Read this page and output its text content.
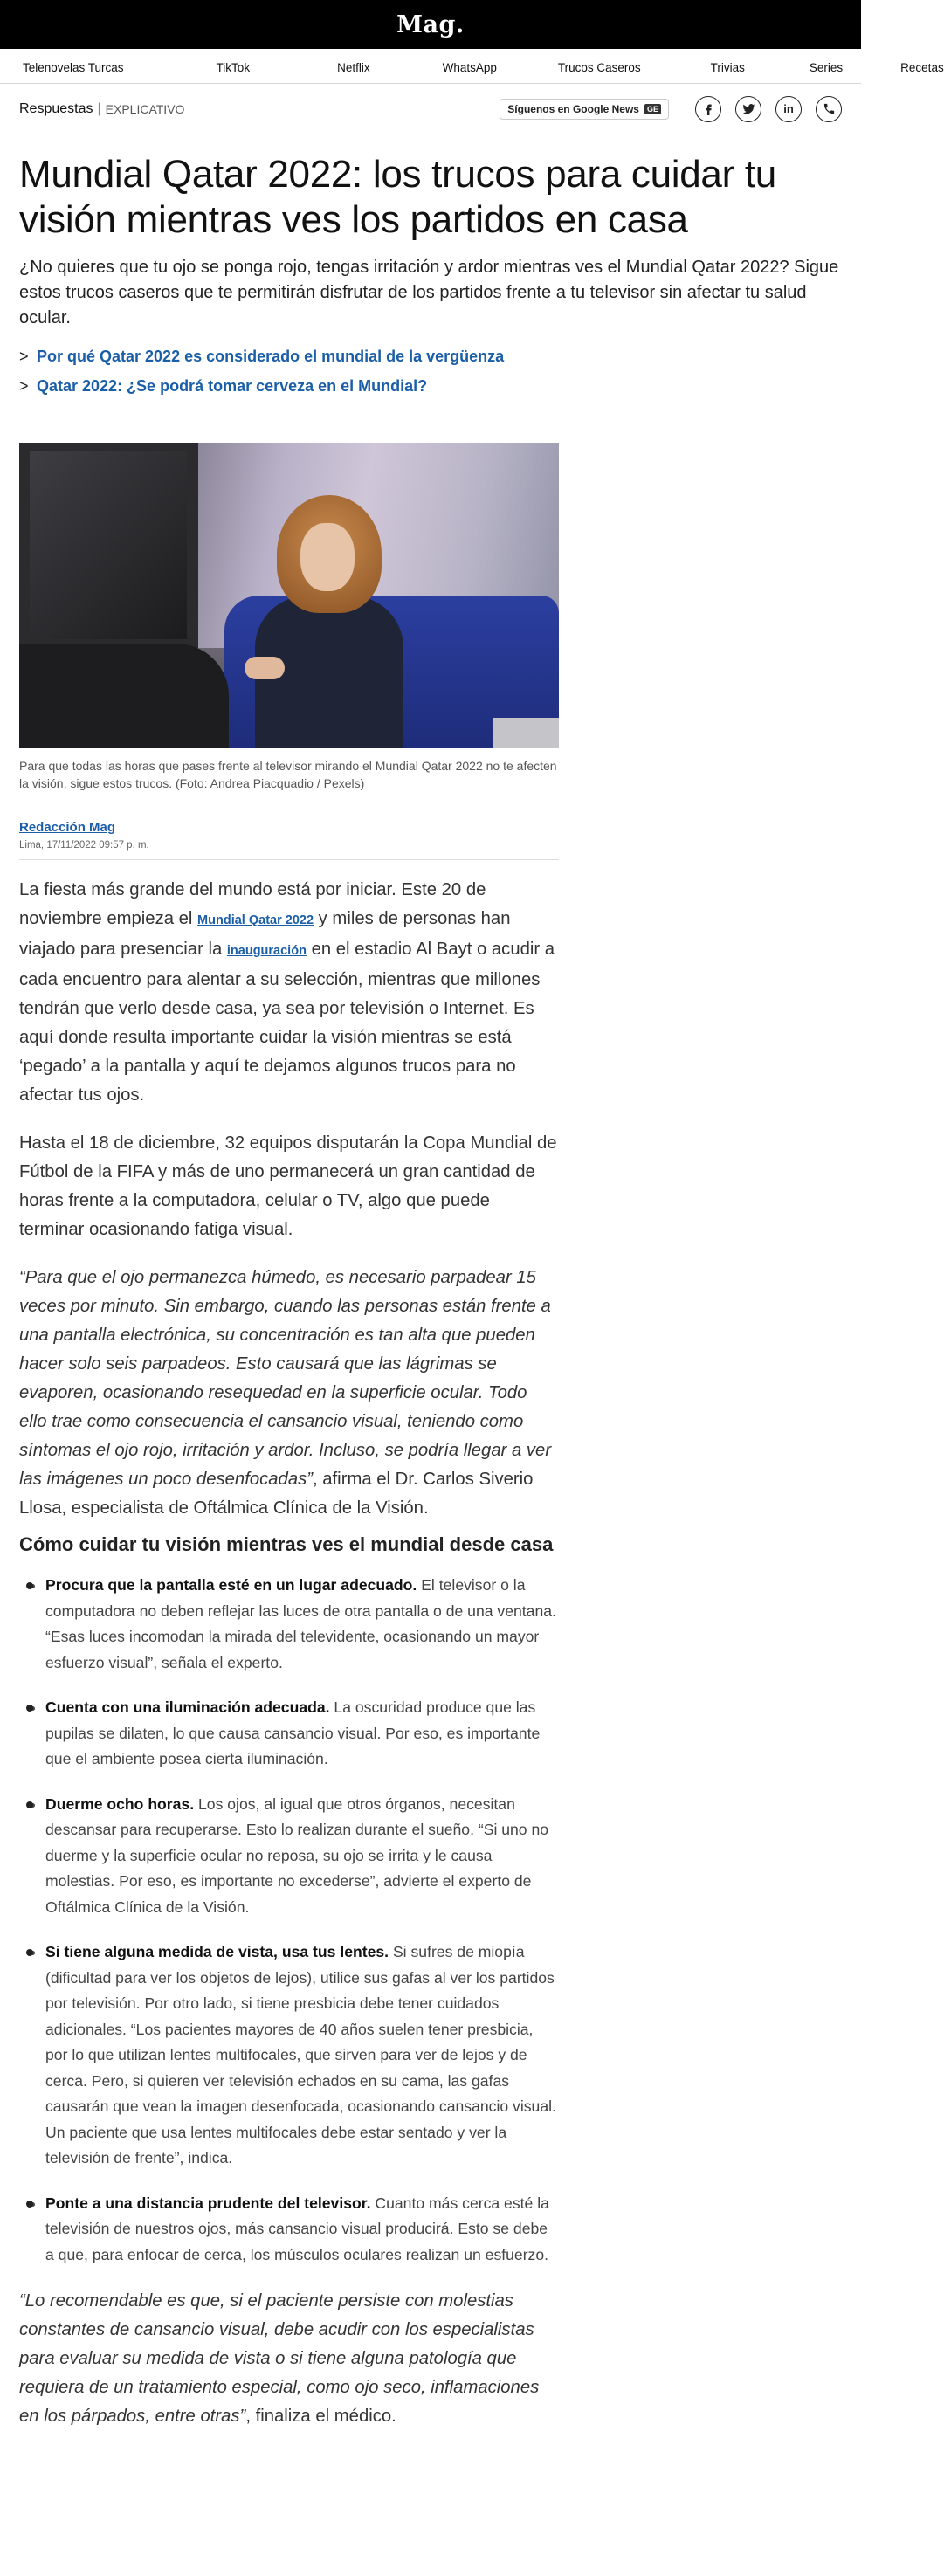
Mag.
Telenovelas Turcas	TikTok	Netflix	WhatsApp	Trucos Caseros	Trivias	Series	Recetas
Respuestas | EXPLICATIVO	Síguenos en Google News	GE	in
Mundial Qatar 2022: los trucos para cuidar tu visión mientras ves los partidos en casa

¿No quieres que tu ojo se ponga rojo, tengas irritación y ardor mientras ves el Mundial Qatar 2022? Sigue estos trucos caseros que te permitirán disfrutar de los partidos frente a tu televisor sin afectar tu salud ocular.

> Por qué Qatar 2022 es considerado el mundial de la vergüenza
> Qatar 2022: ¿Se podrá tomar cerveza en el Mundial?
Para que todas las horas que pases frente al televisor mirando el Mundial Qatar 2022 no te afecten la visión, sigue estos trucos. (Foto: Andrea Piacquadio / Pexels)
Redacción Mag
Lima, 17/11/2022 09:57 p. m.

La fiesta más grande del mundo está por iniciar. Este 20 de noviembre empieza el Mundial Qatar 2022 y miles de personas han viajado para presenciar la inauguración en el estadio Al Bayt o acudir a cada encuentro para alentar a su selección, mientras que millones tendrán que verlo desde casa, ya sea por televisión o Internet. Es aquí donde resulta importante cuidar la visión mientras se está ‘pegado’ a la pantalla y aquí te dejamos algunos trucos para no afectar tus ojos.

Hasta el 18 de diciembre, 32 equipos disputarán la Copa Mundial de Fútbol de la FIFA y más de uno permanecerá un gran cantidad de horas frente a la computadora, celular o TV, algo que puede terminar ocasionando fatiga visual.

“Para que el ojo permanezca húmedo, es necesario parpadear 15 veces por minuto. Sin embargo, cuando las personas están frente a una pantalla electrónica, su concentración es tan alta que pueden hacer solo seis parpadeos. Esto causará que las lágrimas se evaporen, ocasionando resequedad en la superficie ocular. Todo ello trae como consecuencia el cansancio visual, teniendo como síntomas el ojo rojo, irritación y ardor. Incluso, se podría llegar a ver las imágenes un poco desenfocadas”, afirma el Dr. Carlos Siverio Llosa, especialista de Oftálmica Clínica de la Visión.

Cómo cuidar tu visión mientras ves el mundial desde casa
• Procura que la pantalla esté en un lugar adecuado. El televisor o la computadora no deben reflejar las luces de otra pantalla o de una ventana. “Esas luces incomodan la mirada del televidente, ocasionando un mayor esfuerzo visual”, señala el experto.
• Cuenta con una iluminación adecuada. La oscuridad produce que las pupilas se dilaten, lo que causa cansancio visual. Por eso, es importante que el ambiente posea cierta iluminación.
• Duerme ocho horas. Los ojos, al igual que otros órganos, necesitan descansar para recuperarse. Esto lo realizan durante el sueño. “Si uno no duerme y la superficie ocular no reposa, su ojo se irrita y le causa molestias. Por eso, es importante no excederse”, advierte el experto de Oftálmica Clínica de la Visión.
• Si tiene alguna medida de vista, usa tus lentes. Si sufres de miopía (dificultad para ver los objetos de lejos), utilice sus gafas al ver los partidos por televisión. Por otro lado, si tiene presbicia debe tener cuidados adicionales. “Los pacientes mayores de 40 años suelen tener presbicia, por lo que utilizan lentes multifocales, que sirven para ver de lejos y de cerca. Pero, si quieren ver televisión echados en su cama, las gafas causarán que vean la imagen desenfocada, ocasionando cansancio visual. Un paciente que usa lentes multifocales debe estar sentado y ver la televisión de frente”, indica.
• Ponte a una distancia prudente del televisor. Cuanto más cerca esté la televisión de nuestros ojos, más cansancio visual producirá. Esto se debe a que, para enfocar de cerca, los músculos oculares realizan un esfuerzo.

“Lo recomendable es que, si el paciente persiste con molestias constantes de cansancio visual, debe acudir con los especialistas para evaluar su medida de vista o si tiene alguna patología que requiera de un tratamiento especial, como ojo seco, inflamaciones en los párpados, entre otras”, finaliza el médico.
